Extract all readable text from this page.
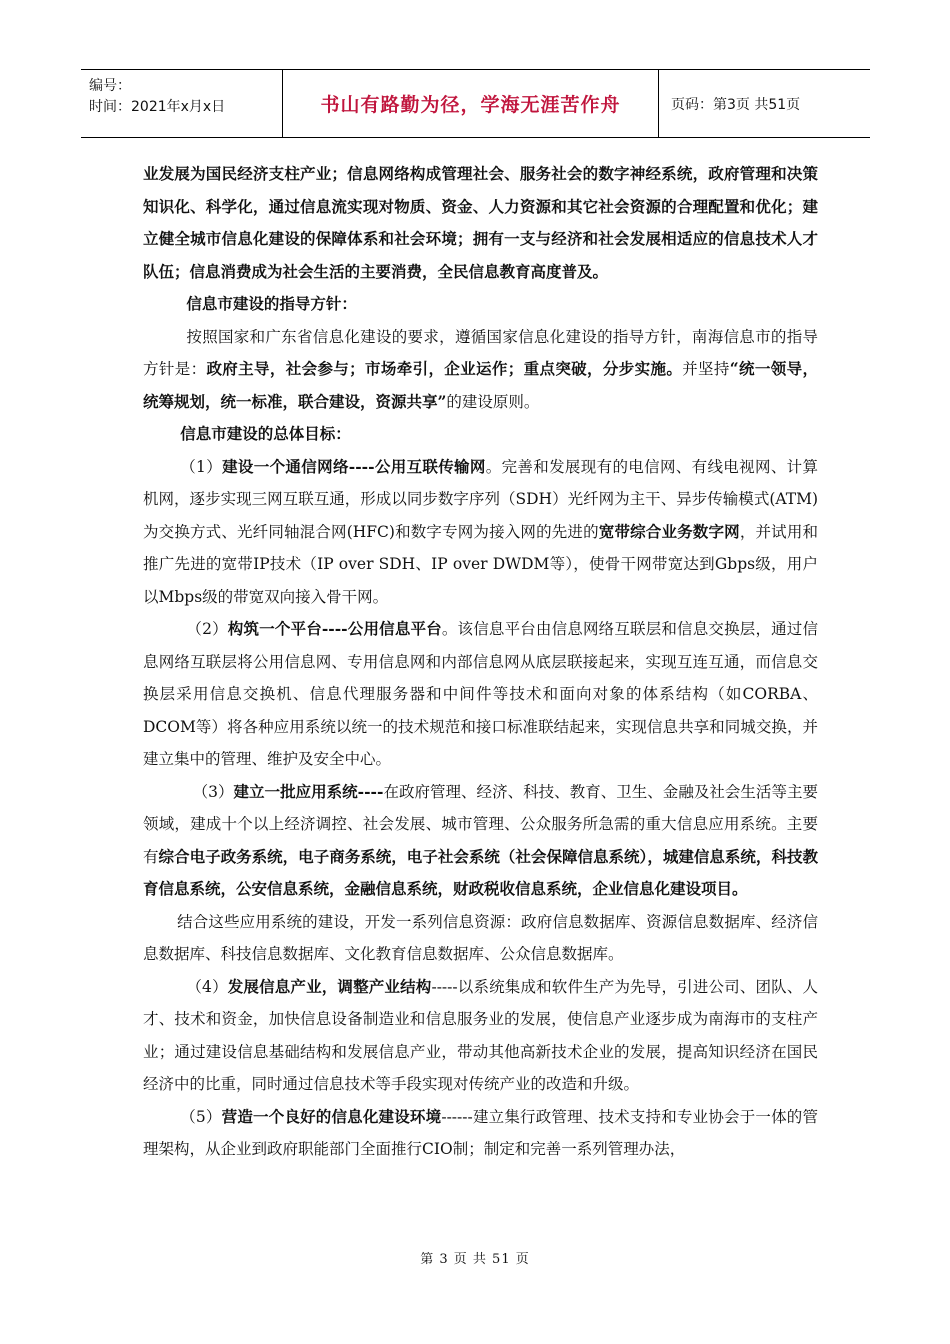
编号：
时间：2021年x月x日	书山有路勤为径，学海无涯苦作舟	页码：第3页 共51页

业发展为国民经济支柱产业；信息网络构成管理社会、服务社会的数字神经系统，政府管理和决策知识化、科学化，通过信息流实现对物质、资金、人力资源和其它社会资源的合理配置和优化；建立健全城市信息化建设的保障体系和社会环境；拥有一支与经济和社会发展相适应的信息技术人才队伍；信息消费成为社会生活的主要消费，全民信息教育高度普及。

信息市建设的指导方针：

按照国家和广东省信息化建设的要求，遵循国家信息化建设的指导方针，南海信息市的指导方针是：政府主导，社会参与；市场牵引，企业运作；重点突破，分步实施。并坚持“统一领导，统筹规划，统一标准，联合建设，资源共享”的建设原则。

信息市建设的总体目标：

（1）建设一个通信网络----公用互联传输网。完善和发展现有的电信网、有线电视网、计算机网，逐步实现三网互联互通，形成以同步数字序列（SDH）光纤网为主干、异步传输模式(ATM)为交换方式、光纤同轴混合网(HFC)和数字专网为接入网的先进的宽带综合业务数字网，并试用和推广先进的宽带IP技术（IP over SDH、IP over DWDM等），使骨干网带宽达到Gbps级，用户以Mbps级的带宽双向接入骨干网。

（2）构筑一个平台----公用信息平台。该信息平台由信息网络互联层和信息交换层，通过信息网络互联层将公用信息网、专用信息网和内部信息网从底层联接起来，实现互连互通，而信息交换层采用信息交换机、信息代理服务器和中间件等技术和面向对象的体系结构（如CORBA、DCOM等）将各种应用系统以统一的技术规范和接口标准联结起来，实现信息共享和同城交换，并建立集中的管理、维护及安全中心。

（3）建立一批应用系统----在政府管理、经济、科技、教育、卫生、金融及社会生活等主要领域，建成十个以上经济调控、社会发展、城市管理、公众服务所急需的重大信息应用系统。主要有综合电子政务系统，电子商务系统，电子社会系统（社会保障信息系统），城建信息系统，科技教育信息系统，公安信息系统，金融信息系统，财政税收信息系统，企业信息化建设项目。

结合这些应用系统的建设，开发一系列信息资源：政府信息数据库、资源信息数据库、经济信息数据库、科技信息数据库、文化教育信息数据库、公众信息数据库。

（4）发展信息产业，调整产业结构-----以系统集成和软件生产为先导，引进公司、团队、人才、技术和资金，加快信息设备制造业和信息服务业的发展，使信息产业逐步成为南海市的支柱产业；通过建设信息基础结构和发展信息产业，带动其他高新技术企业的发展，提高知识经济在国民经济中的比重，同时通过信息技术等手段实现对传统产业的改造和升级。

（5）营造一个良好的信息化建设环境------建立集行政管理、技术支持和专业协会于一体的管理架构，从企业到政府职能部门全面推行CIO制；制定和完善一系列管理办法，

第 3 页 共 51 页
